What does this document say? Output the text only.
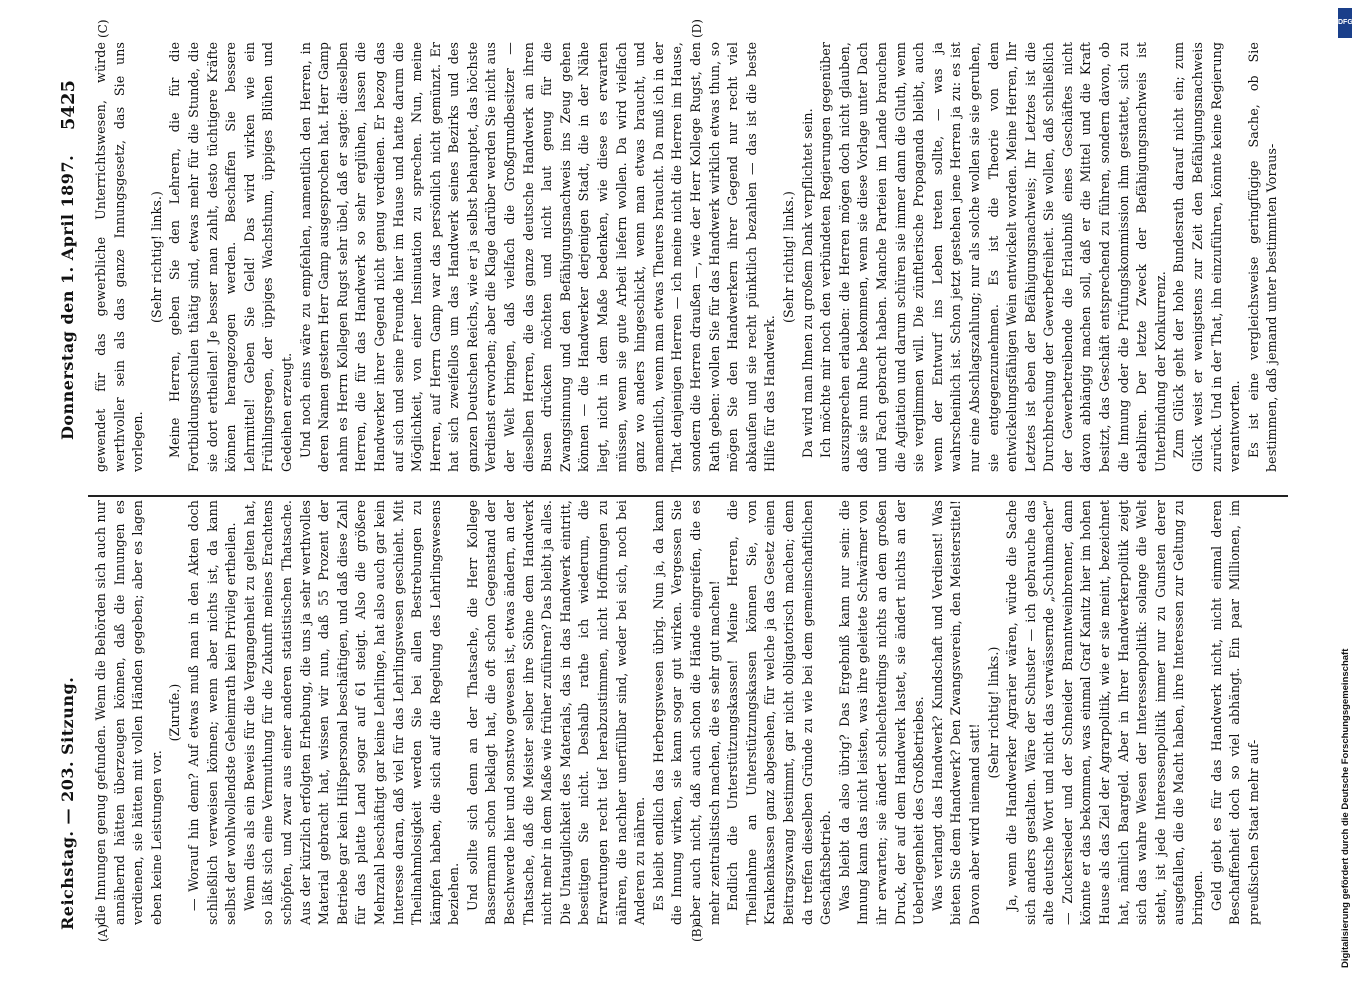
Reichstag. — 203. Sitzung.
Donnerstag den 1. April 1897.
5425
(A)	(B)
(C)	(D)

die Innungen genug gefunden. Wenn die Behörden sich auch nur annähernd hätten überzeugen können, daß die Innungen es verdienen, sie hätten mit vollen Händen gegeben; aber es lagen eben keine Leistungen vor.

(Zurufe.) — Worauf hin denn? Auf etwas muß man in den Akten doch schließlich verweisen können; wenn aber nichts ist, da kann selbst der wohlwollendste Geheimrath kein Privileg ertheilen. Wenn dies als ein Beweis für die Vergangenheit zu gelten hat, so läßt sich eine Vermuthung für die Zukunft meines Erachtens schöpfen, und zwar aus einer anderen statistischen Thatsache. Aus der kürzlich erfolgten Erhebung, die uns ja sehr werthvolles Material gebracht hat, wissen wir nun, daß 55 Prozent der Betriebe gar kein Hilfspersonal beschäftigen, und daß diese Zahl für das platte Land sogar auf 61 steigt. Also die größere Mehrzahl beschäftigt gar keine Lehrlinge, hat also auch gar kein Interesse daran, daß viel für das Lehrlingswesen geschieht. Mit Theilnahmlosigkeit werden Sie bei allen Bestrebungen zu kämpfen haben, die sich auf die Regelung des Lehrlingswesens beziehen. Und sollte sich denn an der Thatsache, die Herr Kollege Bassermann schon beklagt hat, die oft schon Gegenstand der Beschwerde hier und sonstwo gewesen ist, etwas ändern, an der Thatsache, daß die Meister selber ihre Söhne dem Handwerk nicht mehr in dem Maße wie früher zuführen? Das bleibt ja alles. Die Untauglichkeit des Materials, das in das Handwerk eintritt, beseitigen Sie nicht. Deshalb rathe ich wiederum, die Erwartungen recht tief herabzustimmen, nicht Hoffnungen zu nähren, die nachher unerfüllbar sind, weder bei sich, noch bei Anderen zu nähren. Es bleibt endlich das Herbergswesen übrig. Nun ja, da kann die Innung wirken, sie kann sogar gut wirken. Vergessen Sie aber auch nicht, daß auch schon die Hände eingreifen, die es mehr zentralistisch machen, die es sehr gut machen! Endlich die Unterstützungskassen! Meine Herren, die Theilnahme an Unterstützungskassen können Sie, von Krankenkassen ganz abgesehen, für welche ja das Gesetz einen Beitragszwang bestimmt, gar nicht obligatorisch machen; denn da treffen dieselben Gründe zu wie bei dem gemeinschaftlichen Geschäftsbetrieb. Was bleibt da also übrig? Das Ergebniß kann nur sein: die Innung kann das nicht leisten, was ihre geleitete Schwärmer von ihr erwarten; sie ändert schlechterdings nichts an dem großen Druck, der auf dem Handwerk lastet, sie ändert nichts an der Ueberlegenheit des Großbetriebes. Was verlangt das Handwerk? Kundschaft und Verdienst! Was bieten Sie dem Handwerk? Den Zwangsverein, den Meisterstitel! Davon aber wird niemand satt!

(Sehr richtig! links.) Ja, wenn die Handwerker Agrarier wären, würde die Sache sich anders gestalten. Wäre der Schuster — ich gebrauche das alte deutsche Wort und nicht das verwässernde „Schuhmacher“ — Zuckersieder und der Schneider Branntweinbrenner, dann könnte er das bekommen, was einmal Graf Kanitz hier im hohen Hause als das Ziel der Agrarpolitik, wie er sie meint, bezeichnet hat, nämlich Baargeld. Aber in Ihrer Handwerkerpolitik zeigt sich das wahre Wesen der Interessenpolitik: solange die Welt steht, ist jede Interessenpolitik immer nur zu Gunsten derer ausgefallen, die die Macht haben, ihre Interessen zur Geltung zu bringen. Geld giebt es für das Handwerk nicht, nicht einmal deren Beschaffenheit doch so viel abhängt. Ein paar Millionen, im preußischen Staat mehr auf-

gewendet für das gewerbliche Unterrichtswesen, würde werthvoller sein als das ganze Innungsgesetz, das Sie uns vorlegen.

(Sehr richtig! links.) Meine Herren, geben Sie den Lehrern, die für die Fortbildungsschulen thätig sind, etwas mehr für die Stunde, die sie dort ertheilen! Je besser man zahlt, desto tüchtigere Kräfte können herangezogen werden. Beschaffen Sie bessere Lehrmittel! Geben Sie Geld! Das wird wirken wie ein Frühlingsregen, der üppiges Wachsthum, üppiges Blühen und Gedeihen erzeugt. Und noch eins wäre zu empfehlen, namentlich den Herren, in deren Namen gestern Herr Gamp ausgesprochen hat. Herr Gamp nahm es Herrn Kollegen Rugst sehr übel, daß er sagte: dieselben Herren, die für das Handwerk so sehr erglühen, lassen die Handwerker ihrer Gegend nicht genug verdienen. Er bezog das auf sich und seine Freunde hier im Hause und hatte darum die Möglichkeit, von einer Insinuation zu sprechen. Nun, meine Herren, auf Herrn Gamp war das persönlich nicht gemünzt. Er hat sich zweifellos um das Handwerk seines Bezirks und des ganzen Deutschen Reichs, wie er ja selbst behauptet, das höchste Verdienst erworben; aber die Klage darüber werden Sie nicht aus der Welt bringen, daß vielfach die Großgrundbesitzer — dieselben Herren, die das ganze deutsche Handwerk an ihren Busen drücken möchten und nicht laut genug für die Zwangsinnung und den Befähigungsnachweis ins Zeug gehen können — die Handwerker derjenigen Stadt, die in der Nähe liegt, nicht in dem Maße bedenken, wie diese es erwarten müssen, wenn sie gute Arbeit liefern wollen. Da wird vielfach ganz wo anders hingeschickt, wenn man etwas braucht, und namentlich, wenn man etwas Theures braucht. Da muß ich in der That denjenigen Herren — ich meine nicht die Herren im Hause, sondern die Herren draußen —, wie der Herr Kollege Rugst, den Rath geben: wollen Sie für das Handwerk wirklich etwas thun, so mögen Sie den Handwerkern ihrer Gegend nur recht viel abkaufen und sie recht pünktlich bezahlen — das ist die beste Hilfe für das Handwerk.

(Sehr richtig! links.) Da wird man Ihnen zu großem Dank verpflichtet sein. Ich möchte mir noch den verbündeten Regierungen gegenüber auszusprechen erlauben: die Herren mögen doch nicht glauben, daß sie nun Ruhe bekommen, wenn sie diese Vorlage unter Dach und Fach gebracht haben. Manche Parteien im Lande brauchen die Agitation und darum schüren sie immer dann die Gluth, wenn sie verglimmen will. Die zünftlerische Propaganda bleibt, auch wenn der Entwurf ins Leben treten sollte, — was ja wahrscheinlich ist. Schon jetzt gestehen jene Herren ja zu: es ist nur eine Abschlagszahlung; nur als solche wollen sie sie geruhen, sie entgegenzunehmen. Es ist die Theorie von dem entwickelungsfähigen Wein entwickelt worden. Meine Herren, Ihr Letztes ist eben der Befähigungsnachweis; Ihr Letztes ist die Durchbrechung der Gewerbefreiheit. Sie wollen, daß schließlich der Gewerbetreibende die Erlaubniß eines Geschäftes nicht davon abhängig machen soll, daß er die Mittel und die Kraft besitzt, das Geschäft entsprechend zu führen, sondern davon, ob die Innung oder die Prüfungskommission ihm gestattet, sich zu etabliren. Der letzte Zweck der Befähigungsnachweis ist Unterbindung der Konkurrenz. Zum Glück geht der hohe Bundesrath darauf nicht ein; zum Glück weist er wenigstens zur Zeit den Befähigungsnachweis zurück. Und in der That, ihn einzuführen, könnte keine Regierung verantworten. Es ist eine vergleichsweise geringfügige Sache, ob Sie bestimmen, daß jemand unter bestimmten Voraus-

DFG
Digitalisierung gefördert durch die Deutsche Forschungsgemeinschaft
